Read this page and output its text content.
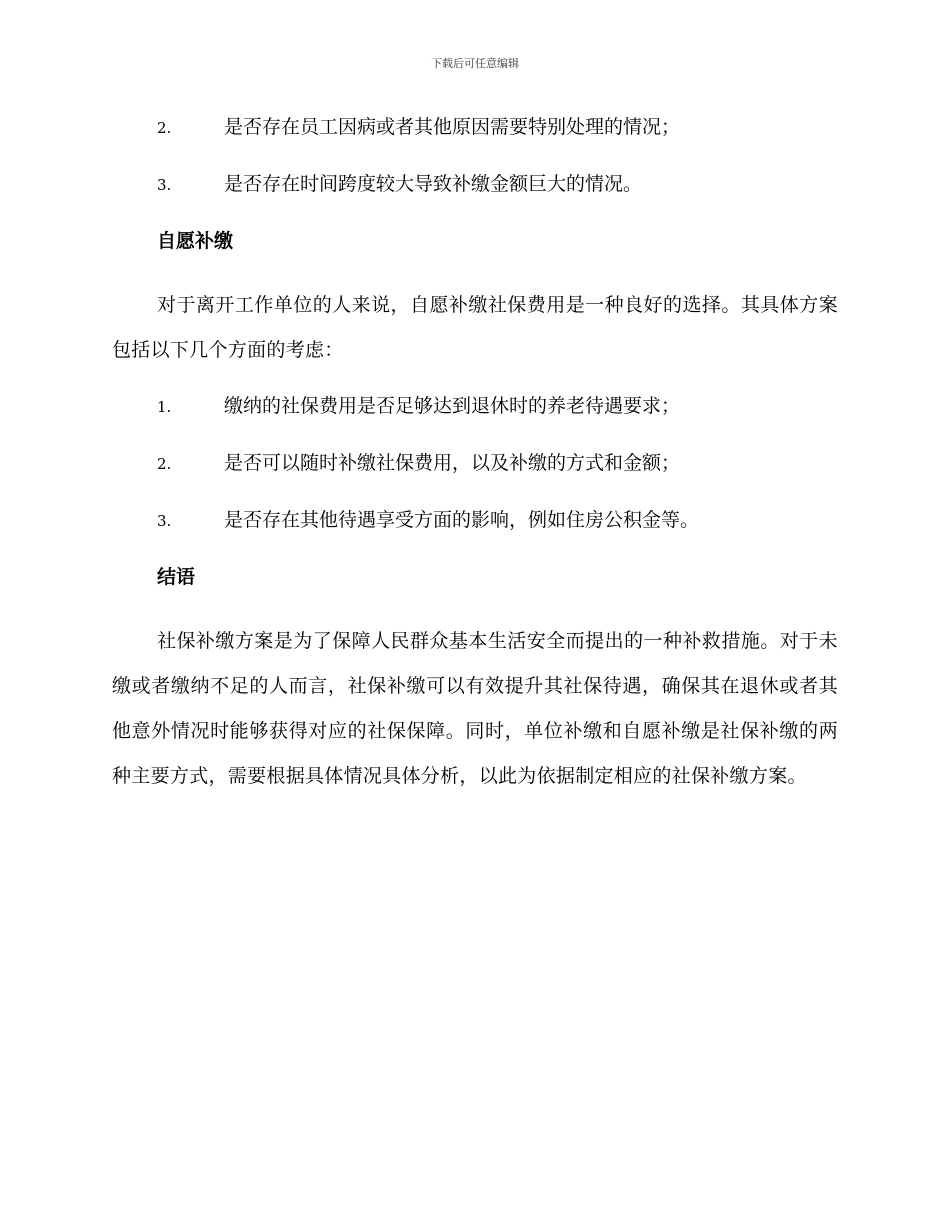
下载后可任意编辑
2.	是否存在员工因病或者其他原因需要特别处理的情况；
3.	是否存在时间跨度较大导致补缴金额巨大的情况。
自愿补缴

对于离开工作单位的人来说，自愿补缴社保费用是一种良好的选择。其具体方案包括以下几个方面的考虑：

1.	缴纳的社保费用是否足够达到退休时的养老待遇要求；
2.	是否可以随时补缴社保费用，以及补缴的方式和金额；
3.	是否存在其他待遇享受方面的影响，例如住房公积金等。
结语

社保补缴方案是为了保障人民群众基本生活安全而提出的一种补救措施。对于未缴或者缴纳不足的人而言，社保补缴可以有效提升其社保待遇，确保其在退休或者其他意外情况时能够获得对应的社保保障。同时，单位补缴和自愿补缴是社保补缴的两种主要方式，需要根据具体情况具体分析，以此为依据制定相应的社保补缴方案。
